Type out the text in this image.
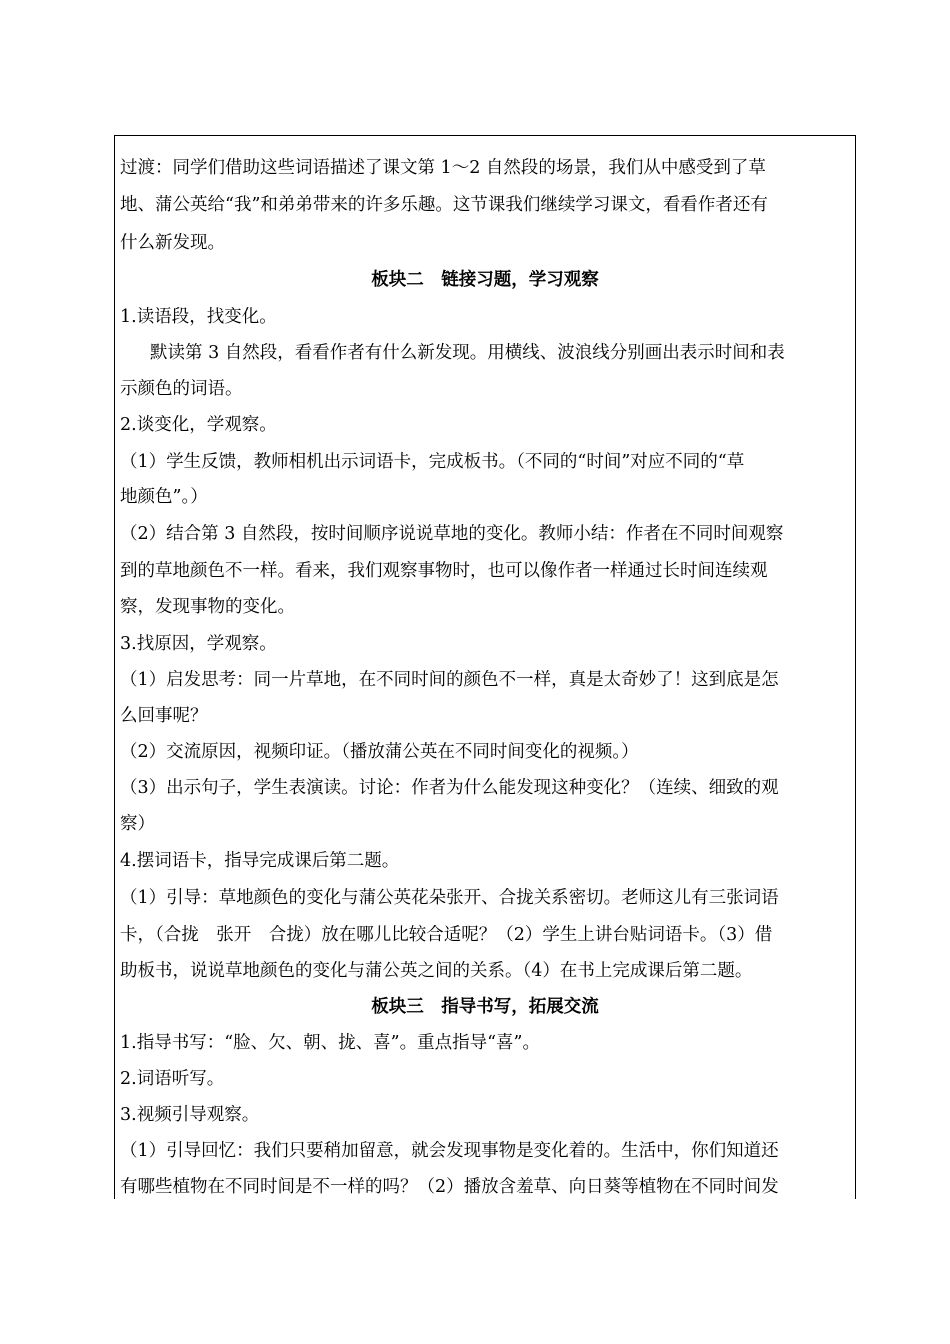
过渡：同学们借助这些词语描述了课文第 1～2 自然段的场景，我们从中感受到了草
地、蒲公英给“我”和弟弟带来的许多乐趣。这节课我们继续学习课文，看看作者还有
什么新发现。
板块二　链接习题，学习观察
1.读语段，找变化。
默读第 3 自然段，看看作者有什么新发现。用横线、波浪线分别画出表示时间和表
示颜色的词语。
2.谈变化，学观察。
（1）学生反馈，教师相机出示词语卡，完成板书。（不同的“时间”对应不同的“草
地颜色”。）
（2）结合第 3 自然段，按时间顺序说说草地的变化。教师小结：作者在不同时间观察
到的草地颜色不一样。看来，我们观察事物时，也可以像作者一样通过长时间连续观
察，发现事物的变化。
3.找原因，学观察。
（1）启发思考：同一片草地，在不同时间的颜色不一样，真是太奇妙了！这到底是怎
么回事呢？
（2）交流原因，视频印证。（播放蒲公英在不同时间变化的视频。）
（3）出示句子，学生表演读。讨论：作者为什么能发现这种变化？（连续、细致的观
察）
4.摆词语卡，指导完成课后第二题。
（1）引导：草地颜色的变化与蒲公英花朵张开、合拢关系密切。老师这儿有三张词语
卡，（合拢　张开　合拢）放在哪儿比较合适呢？（2）学生上讲台贴词语卡。（3）借
助板书，说说草地颜色的变化与蒲公英之间的关系。（4）在书上完成课后第二题。
板块三　指导书写，拓展交流
1.指导书写：“脸、欠、朝、拢、喜”。重点指导“喜”。
2.词语听写。
3.视频引导观察。
（1）引导回忆：我们只要稍加留意，就会发现事物是变化着的。生活中，你们知道还
有哪些植物在不同时间是不一样的吗？（2）播放含羞草、向日葵等植物在不同时间发
